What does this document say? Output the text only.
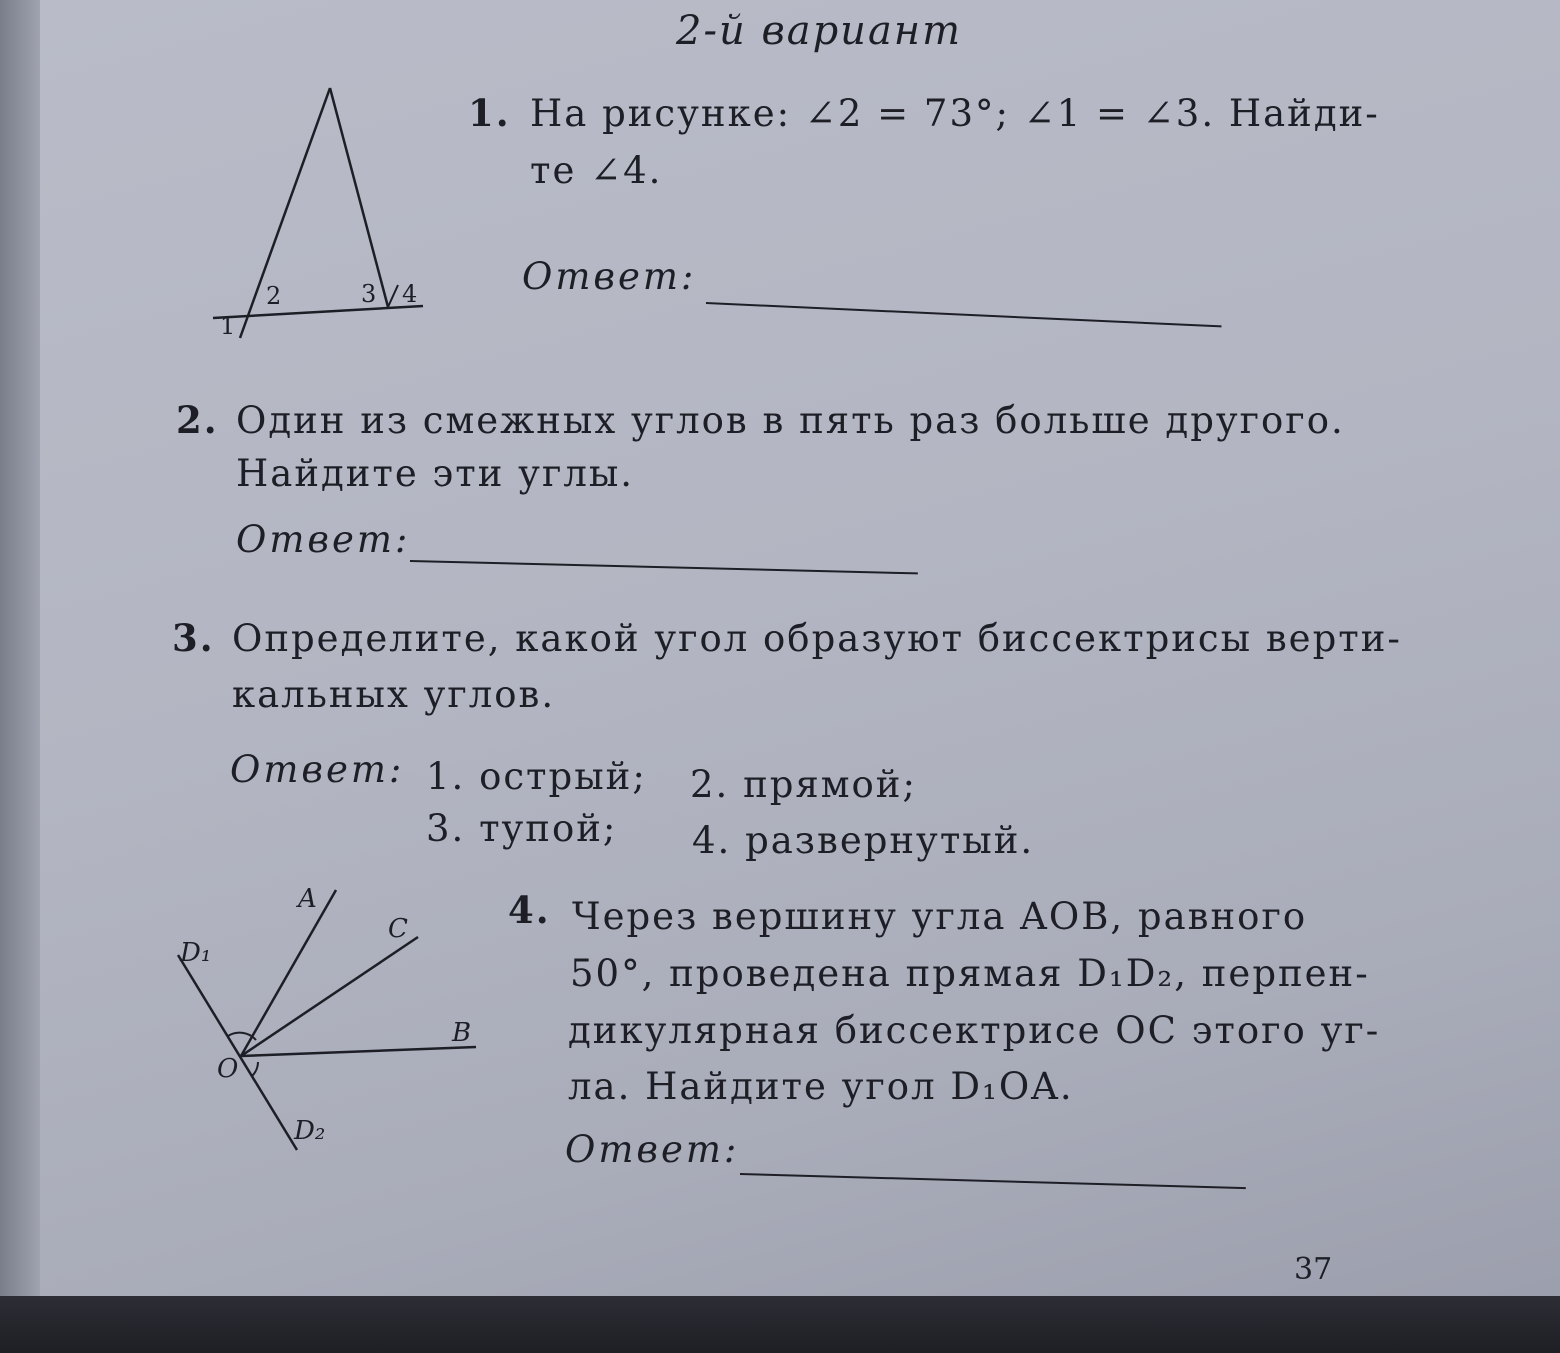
2-й вариант
1
2	3 4
1. На рисунке: ∠2 = 73°; ∠1 = ∠3. Найди-
те ∠4.
Ответ:
2. Один из смежных углов в пять раз больше другого.
Найдите эти углы.
Ответ:
3. Определите, какой угол образуют биссектрисы верти-
кальных углов.
Ответ: 1. острый; 2. прямой;
3. тупой; 4. развернутый.
A
C
D₁
B
O
D₂
4. Через вершину угла AOB, равного
50°, проведена прямая D₁D₂, перпен-
дикулярная биссектрисе OC этого уг-
ла. Найдите угол D₁OA.
Ответ:
37
